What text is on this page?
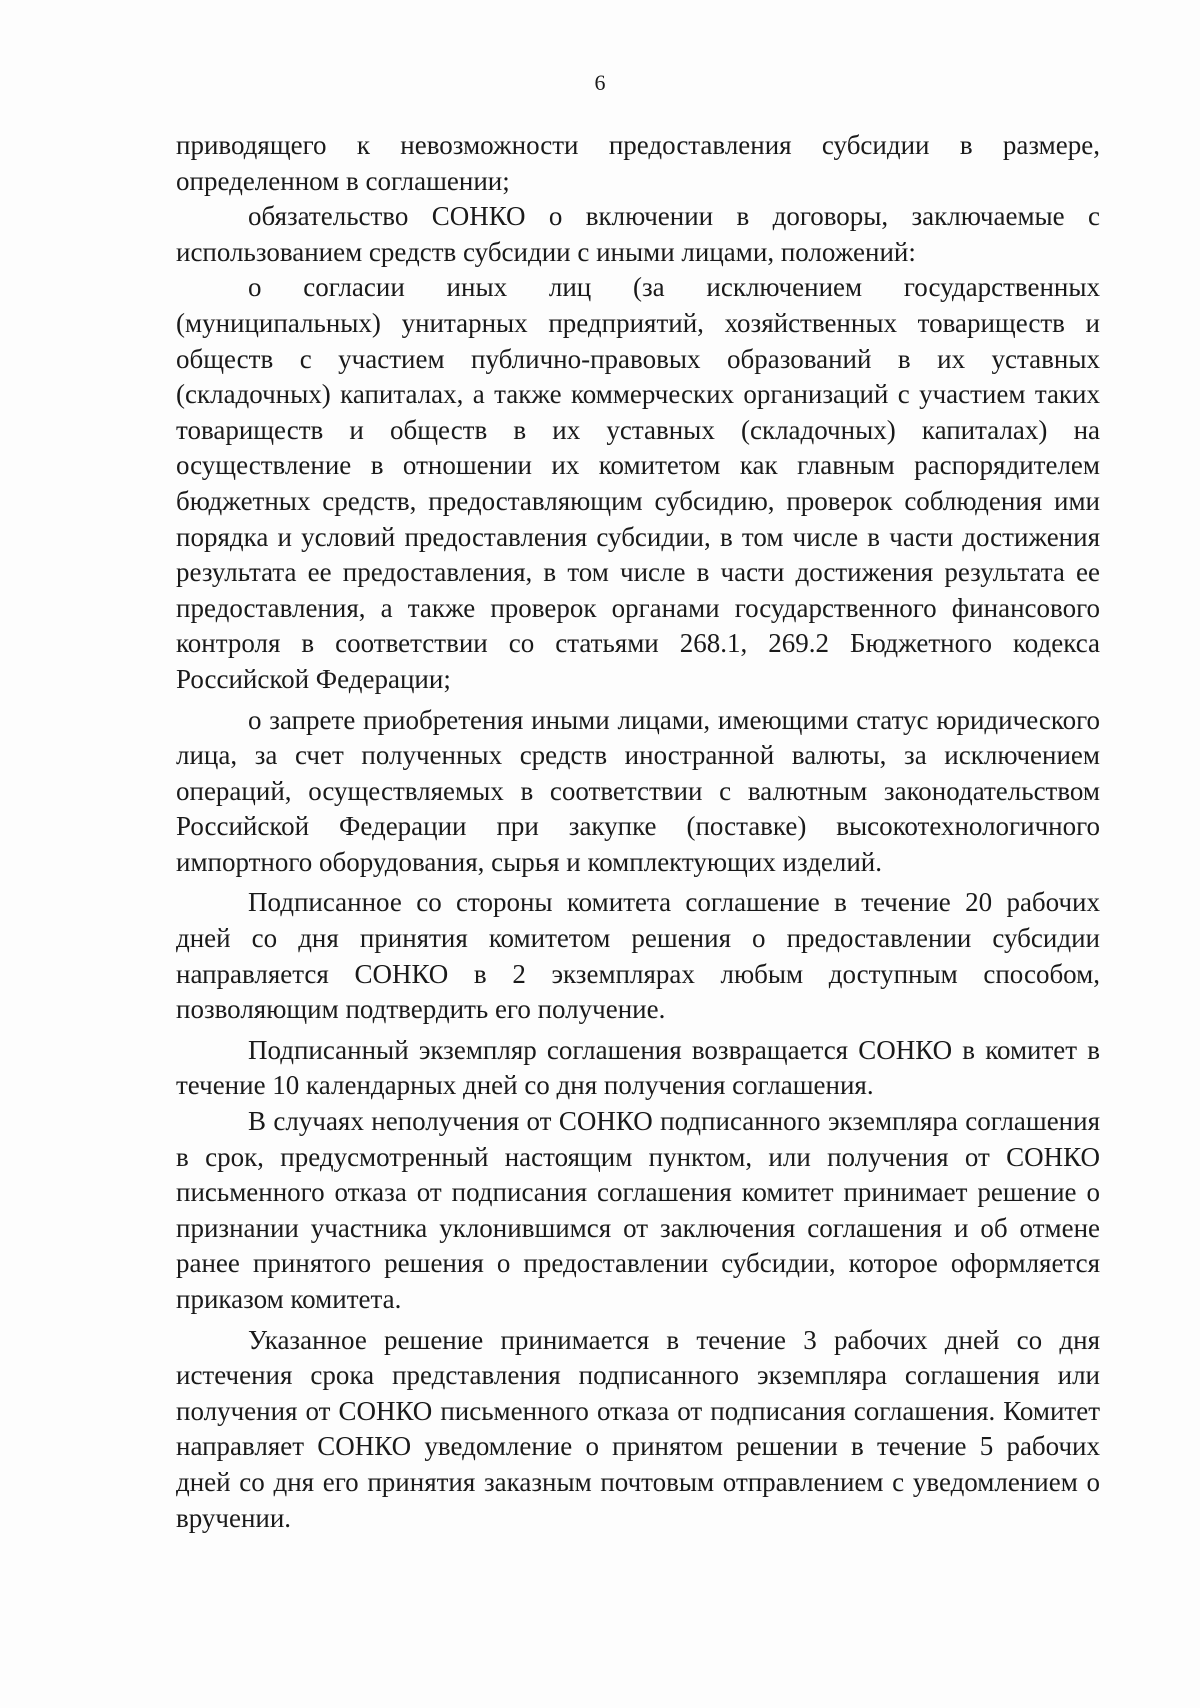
6

приводящего к невозможности предоставления субсидии в размере, определенном в соглашении;

обязательство СОНКО о включении в договоры, заключаемые с использованием средств субсидии с иными лицами, положений:

о согласии иных лиц (за исключением государственных (муниципальных) унитарных предприятий, хозяйственных товариществ и обществ с участием публично-правовых образований в их уставных (складочных) капиталах, а также коммерческих организаций с участием таких товариществ и обществ в их уставных (складочных) капиталах) на осуществление в отношении их комитетом как главным распорядителем бюджетных средств, предоставляющим субсидию, проверок соблюдения ими порядка и условий предоставления субсидии, в том числе в части достижения результата ее предоставления, в том числе в части достижения результата ее предоставления, а также проверок органами государственного финансового контроля в соответствии со статьями 268.1, 269.2 Бюджетного кодекса Российской Федерации;

о запрете приобретения иными лицами, имеющими статус юридического лица, за счет полученных средств иностранной валюты, за исключением операций, осуществляемых в соответствии с валютным законодательством Российской Федерации при закупке (поставке) высокотехнологичного импортного оборудования, сырья и комплектующих изделий.

Подписанное со стороны комитета соглашение в течение 20 рабочих дней со дня принятия комитетом решения о предоставлении субсидии направляется СОНКО в 2 экземплярах любым доступным способом, позволяющим подтвердить его получение.

Подписанный экземпляр соглашения возвращается СОНКО в комитет в течение 10 календарных дней со дня получения соглашения.

В случаях неполучения от СОНКО подписанного экземпляра соглашения в срок, предусмотренный настоящим пунктом, или получения от СОНКО письменного отказа от подписания соглашения комитет принимает решение о признании участника уклонившимся от заключения соглашения и об отмене ранее принятого решения о предоставлении субсидии, которое оформляется приказом комитета.

Указанное решение принимается в течение 3 рабочих дней со дня истечения срока представления подписанного экземпляра соглашения или получения от СОНКО письменного отказа от подписания соглашения. Комитет направляет СОНКО уведомление о принятом решении в течение 5 рабочих дней со дня его принятия заказным почтовым отправлением с уведомлением о вручении.
